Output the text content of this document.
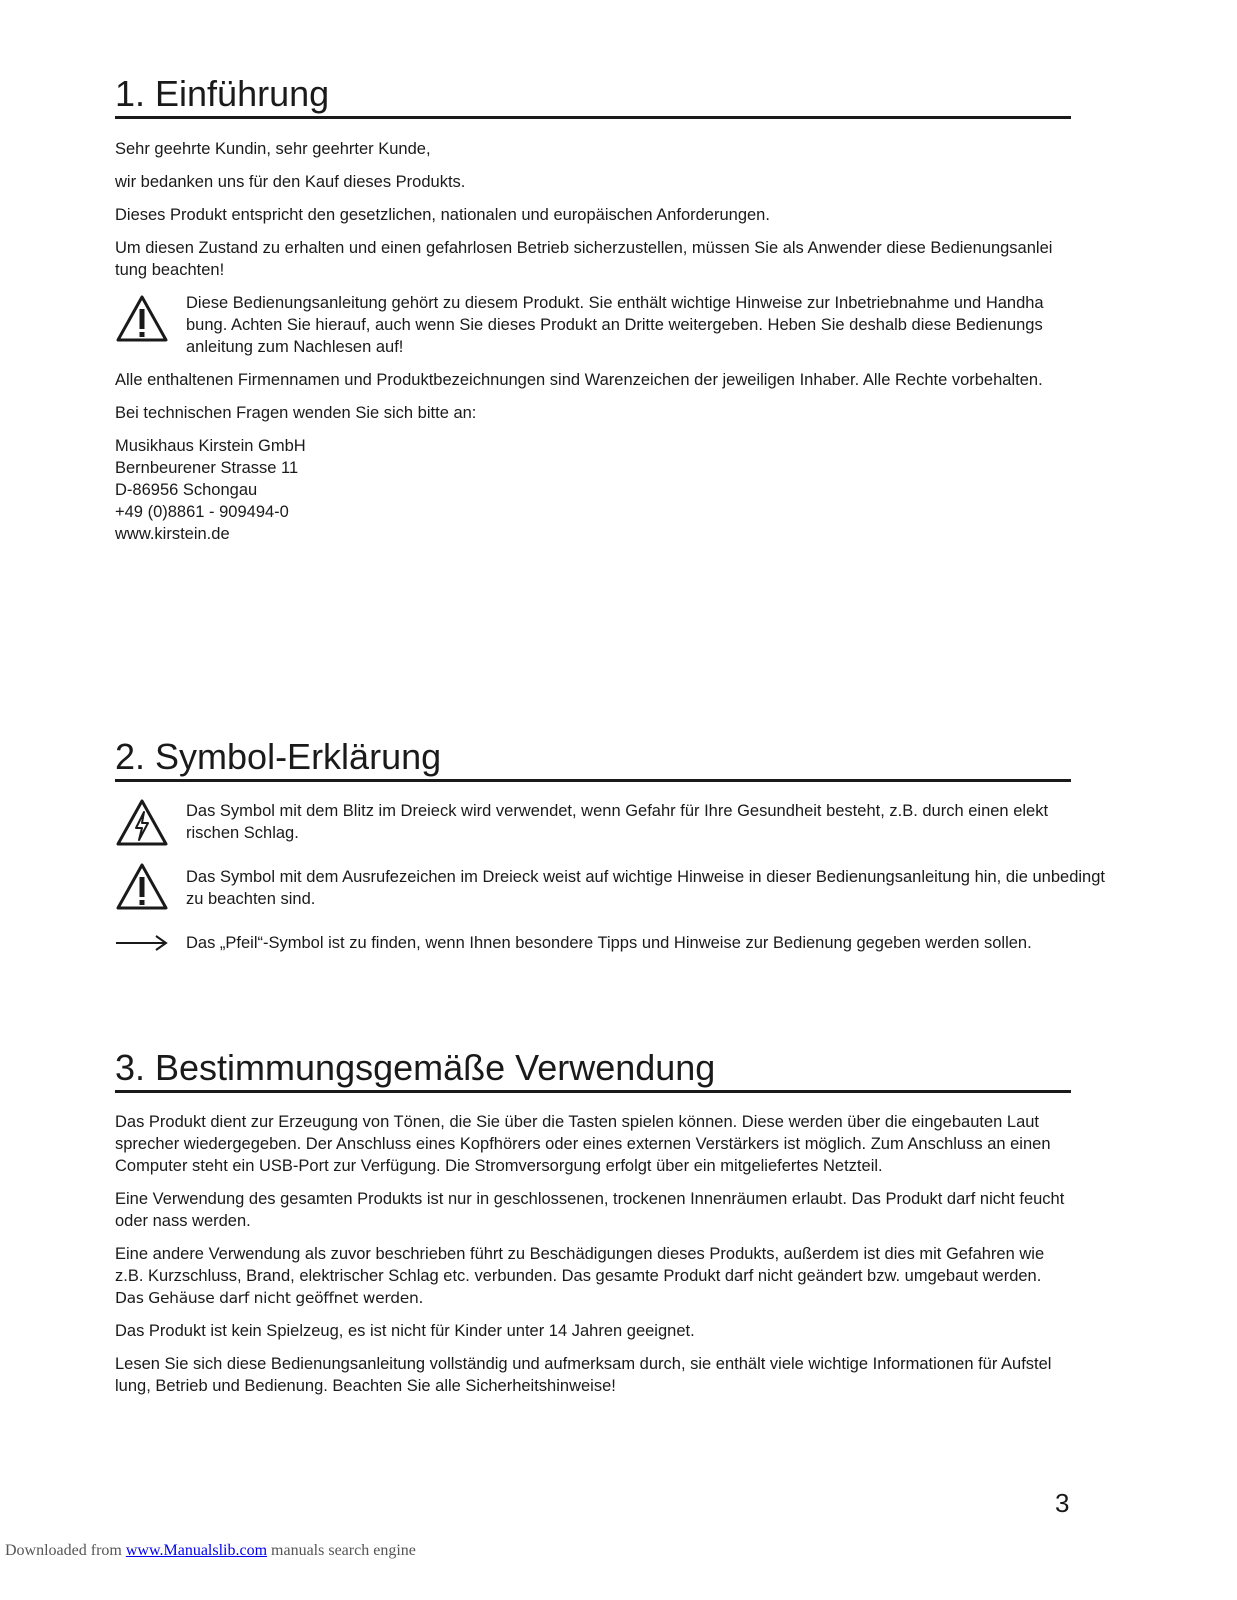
1. Einführung

Sehr geehrte Kundin, sehr geehrter Kunde,

wir bedanken uns für den Kauf dieses Produkts.

Dieses Produkt entspricht den gesetzlichen, nationalen und europäischen Anforderungen.

Um diesen Zustand zu erhalten und einen gefahrlosen Betrieb sicherzustellen, müssen Sie als Anwender diese Bedienungsanlei
tung beachten!

Diese Bedienungsanleitung gehört zu diesem Produkt. Sie enthält wichtige Hinweise zur Inbetriebnahme und Handha
bung. Achten Sie hierauf, auch wenn Sie dieses Produkt an Dritte weitergeben. Heben Sie deshalb diese Bedienungs
anleitung zum Nachlesen auf!

Alle enthaltenen Firmennamen und Produktbezeichnungen sind Warenzeichen der jeweiligen Inhaber. Alle Rechte vorbehalten.

Bei technischen Fragen wenden Sie sich bitte an:

Musikhaus Kirstein GmbH

Bernbeurener Strasse 11

D-86956 Schongau

+49 (0)8861 - 909494-0

www.kirstein.de

2. Symbol-Erklärung

Das Symbol mit dem Blitz im Dreieck wird verwendet, wenn Gefahr für Ihre Gesundheit besteht, z.B. durch einen elekt
rischen Schlag.

Das Symbol mit dem Ausrufezeichen im Dreieck weist auf wichtige Hinweise in dieser Bedienungsanleitung hin, die unbedingt zu beachten sind.

Das „Pfeil“-Symbol ist zu finden, wenn Ihnen besondere Tipps und Hinweise zur Bedienung gegeben werden sollen.

3. Bestimmungsgemäße Verwendung

Das Produkt dient zur Erzeugung von Tönen, die Sie über die Tasten spielen können. Diese werden über die eingebauten Laut
sprecher wiedergegeben. Der Anschluss eines Kopfhörers oder eines externen Verstärkers ist möglich. Zum Anschluss an einen
Computer steht ein USB-Port zur Verfügung. Die Stromversorgung erfolgt über ein mitgeliefertes Netzteil.

Eine Verwendung des gesamten Produkts ist nur in geschlossenen, trockenen Innenräumen erlaubt. Das Produkt darf nicht feucht
oder nass werden.

Eine andere Verwendung als zuvor beschrieben führt zu Beschädigungen dieses Produkts, außerdem ist dies mit Gefahren wie
z.B. Kurzschluss, Brand, elektrischer Schlag etc. verbunden. Das gesamte Produkt darf nicht geändert bzw. umgebaut werden.

Das Gehäuse darf nicht geöffnet werden.

Das Produkt ist kein Spielzeug, es ist nicht für Kinder unter 14 Jahren geeignet.

Lesen Sie sich diese Bedienungsanleitung vollständig und aufmerksam durch, sie enthält viele wichtige Informationen für Aufstel
lung, Betrieb und Bedienung. Beachten Sie alle Sicherheitshinweise!

3
Downloaded from www.Manualslib.com manuals search engine
